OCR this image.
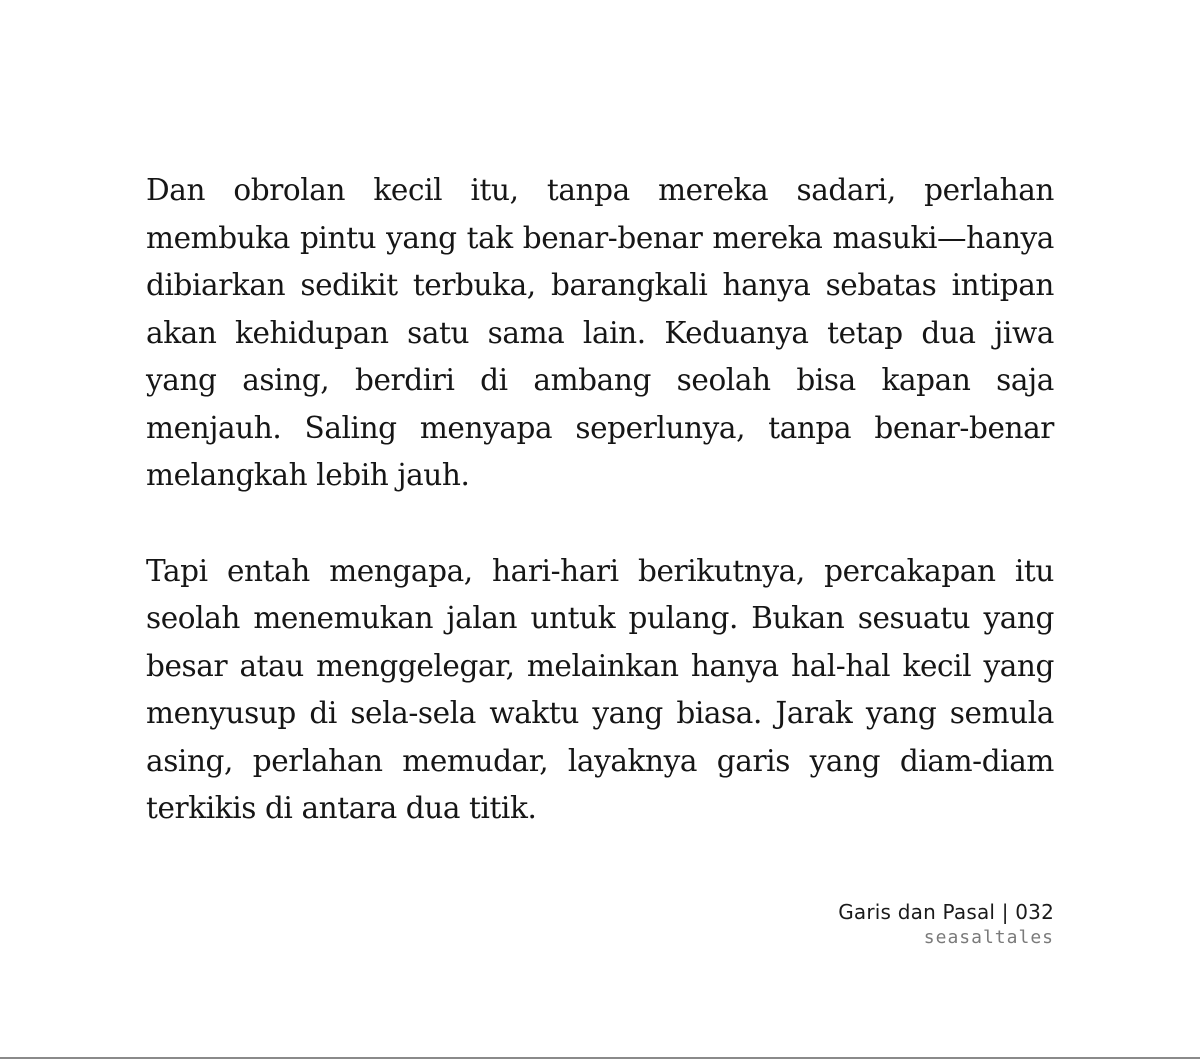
Dan obrolan kecil itu, tanpa mereka sadari, perlahan membuka pintu yang tak benar-benar mereka masuki—hanya dibiarkan sedikit terbuka, barangkali hanya sebatas intipan akan kehidupan satu sama lain. Keduanya tetap dua jiwa yang asing, berdiri di ambang seolah bisa kapan saja menjauh. Saling menyapa seperlunya, tanpa benar-benar melangkah lebih jauh.

Tapi entah mengapa, hari-hari berikutnya, percakapan itu seolah menemukan jalan untuk pulang. Bukan sesuatu yang besar atau menggelegar, melainkan hanya hal-hal kecil yang menyusup di sela-sela waktu yang biasa. Jarak yang semula asing, perlahan memudar, layaknya garis yang diam-diam terkikis di antara dua titik.

Garis dan Pasal | 032
seasaltales
